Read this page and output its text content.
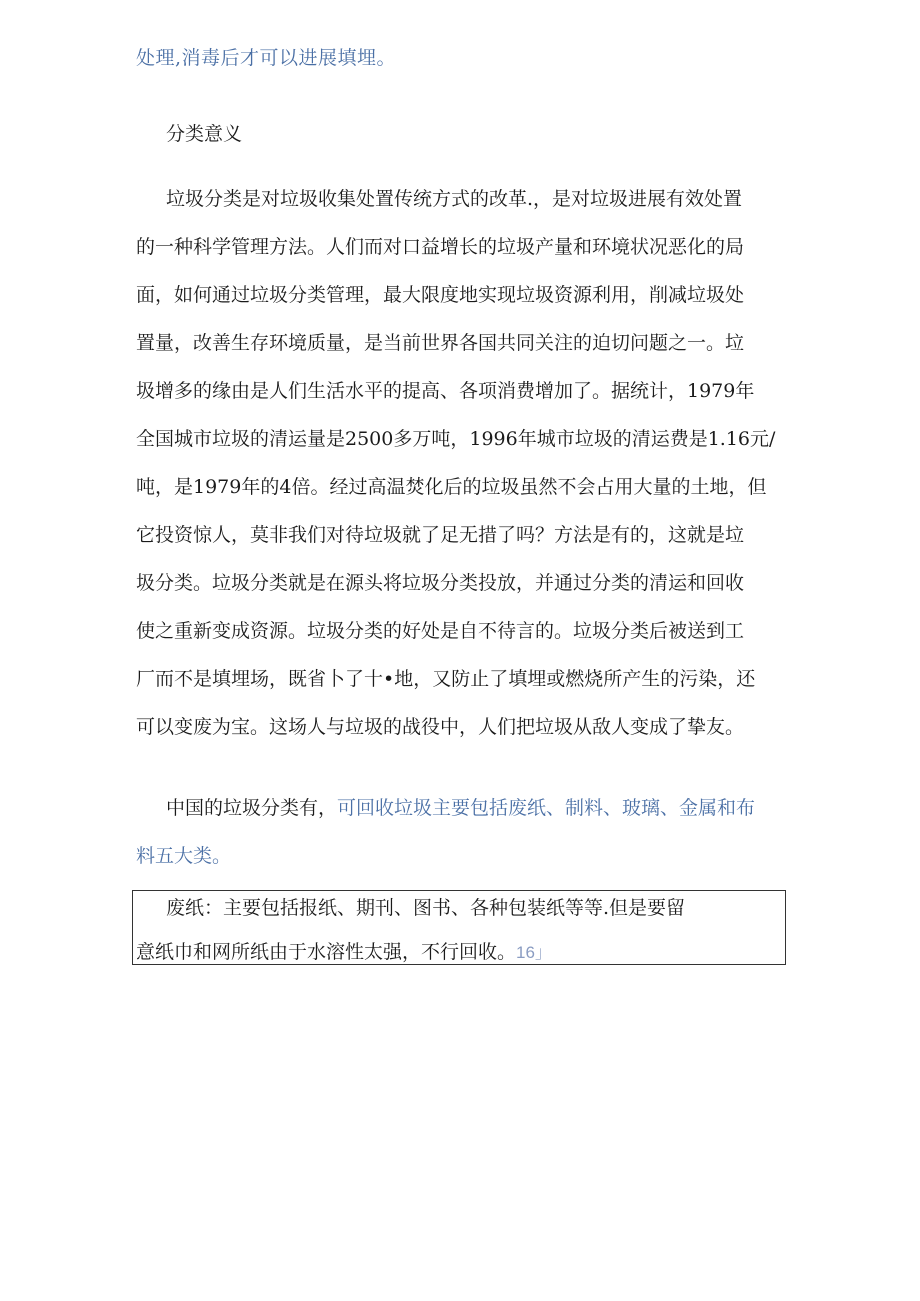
处理,消毒后才可以进展填埋。
分类意义
垃圾分类是对垃圾收集处置传统方式的改革.，是对垃圾进展有效处置
的一种科学管理方法。人们而对口益增长的垃圾产量和环境状况恶化的局
面，如何通过垃圾分类管理，最大限度地实现垃圾资源利用，削减垃圾处
置量，改善生存环境质量，是当前世界各国共同关注的迫切问题之一。垃
圾增多的缘由是人们生活水平的提高、各项消费增加了。据统计，1979年
全国城市垃圾的清运量是2500多万吨，1996年城市垃圾的清运费是1.16元/
吨，是1979年的4倍。经过高温焚化后的垃圾虽然不会占用大量的土地，但
它投资惊人，莫非我们对待垃圾就了足无措了吗？方法是有的，这就是垃
圾分类。垃圾分类就是在源头将垃圾分类投放，并通过分类的清运和回收
使之重新变成资源。垃圾分类的好处是自不待言的。垃圾分类后被送到工
厂而不是填埋场，既省卜了十•地，又防止了填埋或燃烧所产生的污染，还
可以变废为宝。这场人与垃圾的战役中，人们把垃圾从敌人变成了挚友。
中国的垃圾分类有，可回收垃圾主要包括废纸、制料、玻璃、金属和布
料五大类。
废纸：主要包括报纸、期刊、图书、各种包装纸等等.但是要留
意纸巾和网所纸由于水溶性太强，不行回收。16」
